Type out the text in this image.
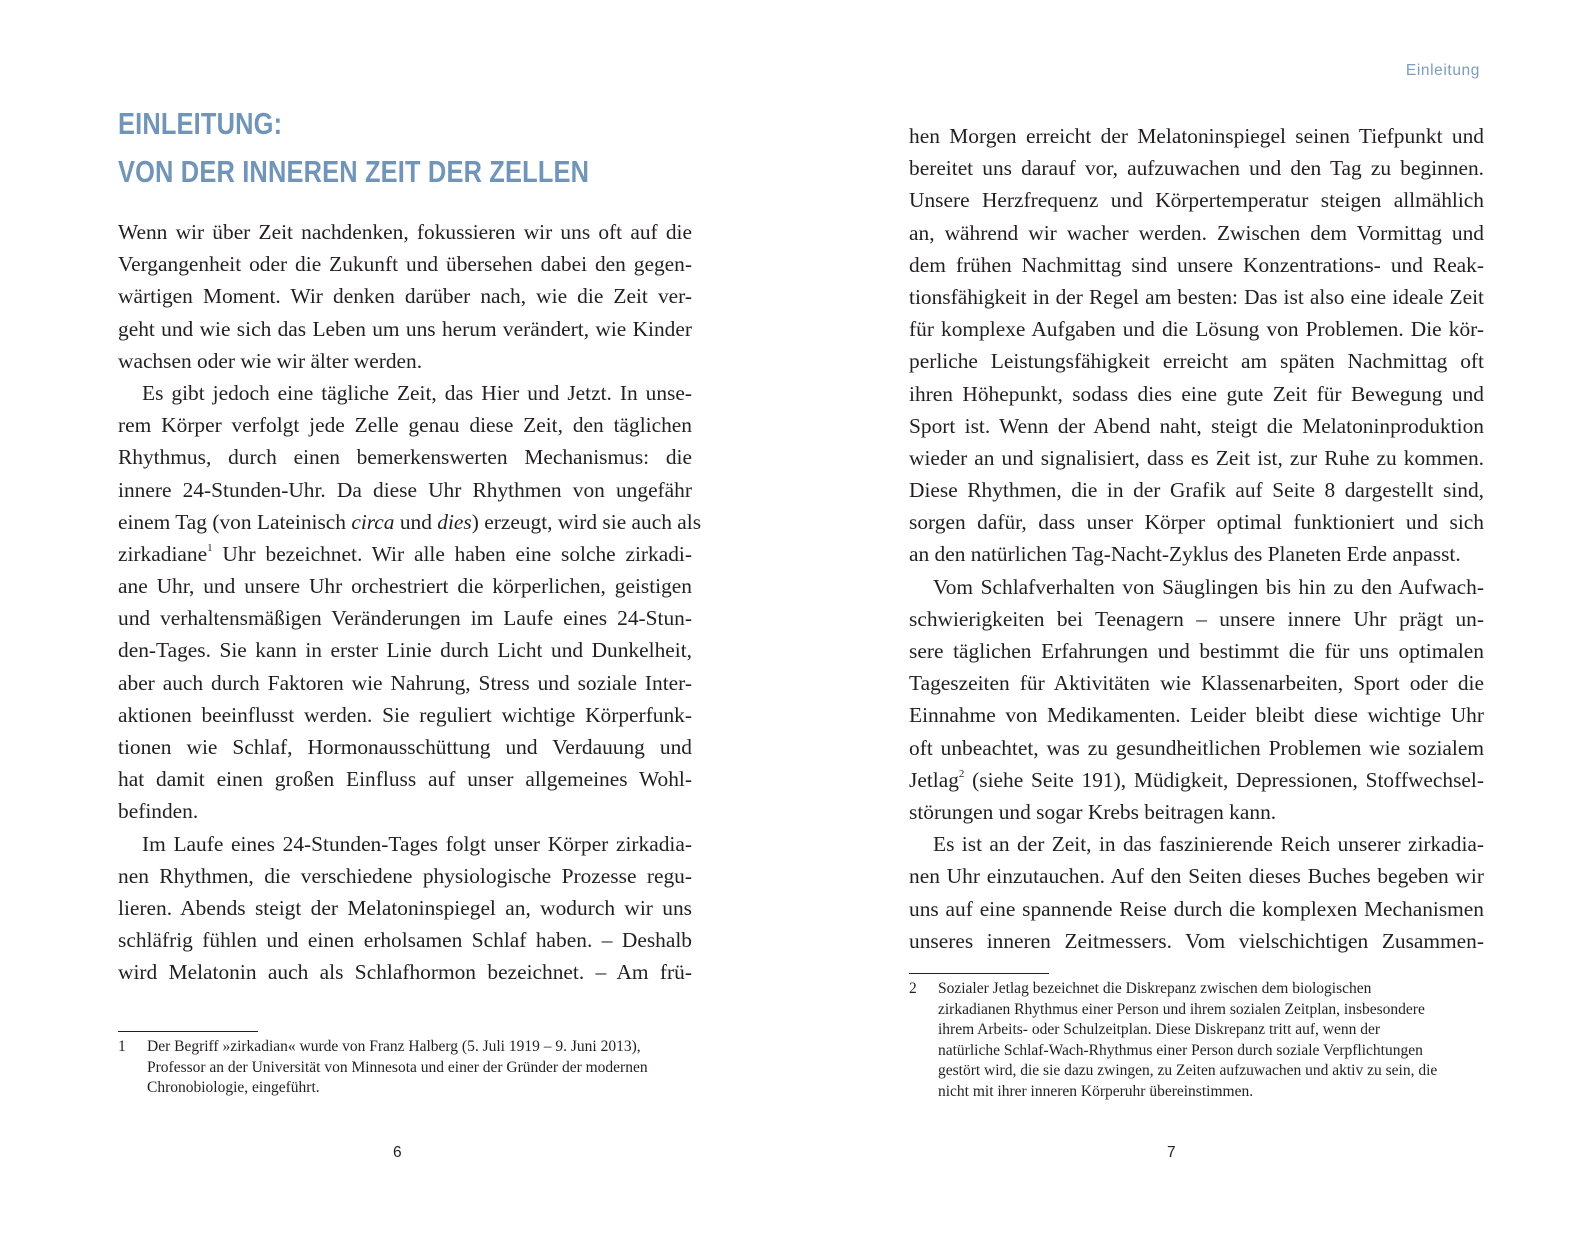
EINLEITUNG:
VON DER INNEREN ZEIT DER ZELLEN
Wenn wir über Zeit nachdenken, fokussieren wir uns oft auf die
Vergangenheit oder die Zukunft und übersehen dabei den gegen-
wärtigen Moment. Wir denken darüber nach, wie die Zeit ver-
geht und wie sich das Leben um uns herum verändert, wie Kinder
wachsen oder wie wir älter werden.
Es gibt jedoch eine tägliche Zeit, das Hier und Jetzt. In unse-
rem Körper verfolgt jede Zelle genau diese Zeit, den täglichen
Rhythmus, durch einen bemerkenswerten Mechanismus: die
innere 24-Stunden-Uhr. Da diese Uhr Rhythmen von ungefähr
einem Tag (von Lateinisch circa und dies) erzeugt, wird sie auch als
zirkadiane$^1$ Uhr bezeichnet. Wir alle haben eine solche zirkadi-
ane Uhr, und unsere Uhr orchestriert die körperlichen, geistigen
und verhaltensmäßigen Veränderungen im Laufe eines 24-Stun-
den-Tages. Sie kann in erster Linie durch Licht und Dunkelheit,
aber auch durch Faktoren wie Nahrung, Stress und soziale Inter-
aktionen beeinflusst werden. Sie reguliert wichtige Körperfunk-
tionen wie Schlaf, Hormonausschüttung und Verdauung und
hat damit einen großen Einfluss auf unser allgemeines Wohl-
befinden.
Im Laufe eines 24-Stunden-Tages folgt unser Körper zirkadia-
nen Rhythmen, die verschiedene physiologische Prozesse regu-
lieren. Abends steigt der Melatoninspiegel an, wodurch wir uns
schläfrig fühlen und einen erholsamen Schlaf haben. – Deshalb
wird Melatonin auch als Schlafhormon bezeichnet. – Am frü-
1 Der Begriff »zirkadian« wurde von Franz Halberg (5. Juli 1919 – 9. Juni 2013),
Professor an der Universität von Minnesota und einer der Gründer der modernen
Chronobiologie, eingeführt.
6
Einleitung
hen Morgen erreicht der Melatoninspiegel seinen Tiefpunkt und
bereitet uns darauf vor, aufzuwachen und den Tag zu beginnen.
Unsere Herzfrequenz und Körpertemperatur steigen allmählich
an, während wir wacher werden. Zwischen dem Vormittag und
dem frühen Nachmittag sind unsere Konzentrations- und Reak-
tionsfähigkeit in der Regel am besten: Das ist also eine ideale Zeit
für komplexe Aufgaben und die Lösung von Problemen. Die kör-
perliche Leistungsfähigkeit erreicht am späten Nachmittag oft
ihren Höhepunkt, sodass dies eine gute Zeit für Bewegung und
Sport ist. Wenn der Abend naht, steigt die Melatoninproduktion
wieder an und signalisiert, dass es Zeit ist, zur Ruhe zu kommen.
Diese Rhythmen, die in der Grafik auf Seite 8 dargestellt sind,
sorgen dafür, dass unser Körper optimal funktioniert und sich
an den natürlichen Tag-Nacht-Zyklus des Planeten Erde anpasst.
Vom Schlafverhalten von Säuglingen bis hin zu den Aufwach-
schwierigkeiten bei Teenagern – unsere innere Uhr prägt un-
sere täglichen Erfahrungen und bestimmt die für uns optimalen
Tageszeiten für Aktivitäten wie Klassenarbeiten, Sport oder die
Einnahme von Medikamenten. Leider bleibt diese wichtige Uhr
oft unbeachtet, was zu gesundheitlichen Problemen wie sozialem
Jetlag$^2$ (siehe Seite 191), Müdigkeit, Depressionen, Stoffwechsel-
störungen und sogar Krebs beitragen kann.
Es ist an der Zeit, in das faszinierende Reich unserer zirkadia-
nen Uhr einzutauchen. Auf den Seiten dieses Buches begeben wir
uns auf eine spannende Reise durch die komplexen Mechanismen
unseres inneren Zeitmessers. Vom vielschichtigen Zusammen-
2 Sozialer Jetlag bezeichnet die Diskrepanz zwischen dem biologischen
zirkadianen Rhythmus einer Person und ihrem sozialen Zeitplan, insbesondere
ihrem Arbeits- oder Schulzeitplan. Diese Diskrepanz tritt auf, wenn der
natürliche Schlaf-Wach-Rhythmus einer Person durch soziale Verpflichtungen
gestört wird, die sie dazu zwingen, zu Zeiten aufzuwachen und aktiv zu sein, die
nicht mit ihrer inneren Körperuhr übereinstimmen.
7
